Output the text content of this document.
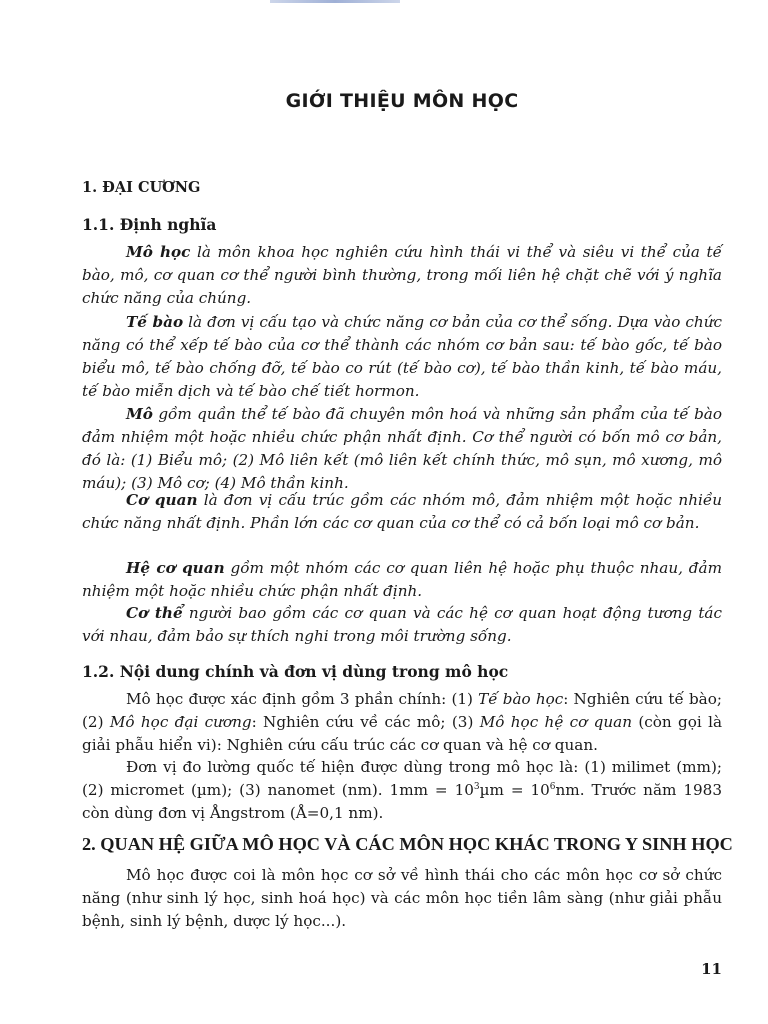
GIỚI THIỆU MÔN HỌC
1. ĐẠI CƯƠNG
1.1. Định nghĩa

Mô học là môn khoa học nghiên cứu hình thái vi thể và siêu vi thể của tế bào, mô, cơ quan cơ thể người bình thường, trong mối liên hệ chặt chẽ với ý nghĩa chức năng của chúng.

Tế bào là đơn vị cấu tạo và chức năng cơ bản của cơ thể sống. Dựa vào chức năng có thể xếp tế bào của cơ thể thành các nhóm cơ bản sau: tế bào gốc, tế bào biểu mô, tế bào chống đỡ, tế bào co rút (tế bào cơ), tế bào thần kinh, tế bào máu, tế bào miễn dịch và tế bào chế tiết hormon.

Mô gồm quần thể tế bào đã chuyên môn hoá và những sản phẩm của tế bào đảm nhiệm một hoặc nhiều chức phận nhất định. Cơ thể người có bốn mô cơ bản, đó là: (1) Biểu mô; (2) Mô liên kết (mô liên kết chính thức, mô sụn, mô xương, mô máu); (3) Mô cơ; (4) Mô thần kinh.

Cơ quan là đơn vị cấu trúc gồm các nhóm mô, đảm nhiệm một hoặc nhiều chức năng nhất định. Phần lớn các cơ quan của cơ thể có cả bốn loại mô cơ bản.

Hệ cơ quan gồm một nhóm các cơ quan liên hệ hoặc phụ thuộc nhau, đảm nhiệm một hoặc nhiều chức phận nhất định.

Cơ thể người bao gồm các cơ quan và các hệ cơ quan hoạt động tương tác với nhau, đảm bảo sự thích nghi trong môi trường sống.

1.2. Nội dung chính và đơn vị dùng trong mô học

Mô học được xác định gồm 3 phần chính: (1) Tế bào học: Nghiên cứu tế bào; (2) Mô học đại cương: Nghiên cứu về các mô; (3) Mô học hệ cơ quan (còn gọi là giải phẫu hiển vi): Nghiên cứu cấu trúc các cơ quan và hệ cơ quan.

Đơn vị đo lường quốc tế hiện được dùng trong mô học là: (1) milimet (mm); (2) micromet (µm); (3) nanomet (nm). $1mm = 10^3\mu m = 10^6nm$. Trước năm 1983 còn dùng đơn vị Ångstrom (Å=0,1 nm).

2. QUAN HỆ GIỮA MÔ HỌC VÀ CÁC MÔN HỌC KHÁC TRONG Y SINH HỌC

Mô học được coi là môn học cơ sở về hình thái cho các môn học cơ sở chức năng (như sinh lý học, sinh hoá học) và các môn học tiền lâm sàng (như giải phẫu bệnh, sinh lý bệnh, dược lý học...).

11
